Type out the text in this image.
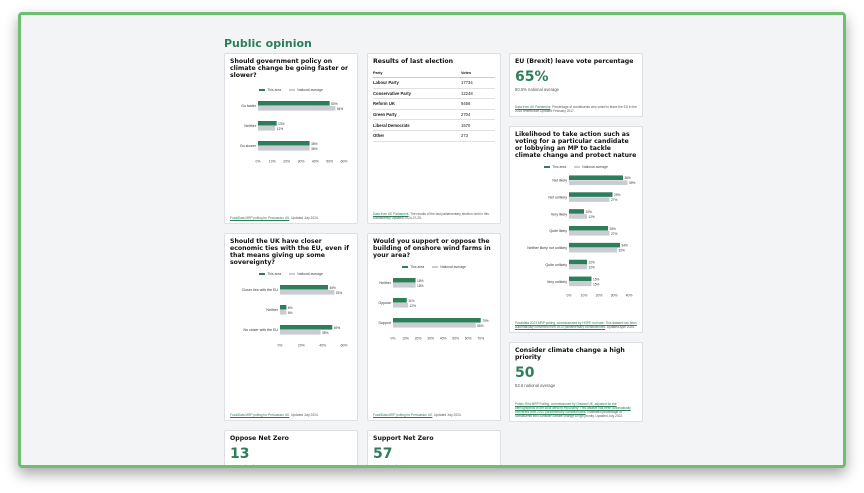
Public opinion
Should government policy on climate change be going faster or slower?
This area	National average
Go faster
50%
54%
Neither
13%
12%
Go slower
36%
36%
0% 10% 20% 30% 40% 50% 60%
FocalData MRP polling for Persuasion UK. Updated July 2024.
Results of last election
Party	Votes
Labour Party	17734
Conservative Party	12248
Reform UK	9456
Green Party	2704
Liberal Democrats	1570
Other	273
Data from UK Parliament. The results of the last parliamentary election held in this constituency Updated 2024-07-25.
EU (Brexit) leave vote percentage
65%
50.5% national average
Data from UK Parliament. Percentage of constituents who voted to leave the EU in the 2016 referendum Updated February 2017.
Likelihood to take action such as voting for a particular candidate or lobbying an MP to tackle climate change and protect nature
This area	National average
Net likely
36%
39%
Net unlikely
29%
27%
Very likely
10%
12%
Quite likely
26%
27%
Neither likely nor unlikely
34%
32%
Quite unlikely
12%
12%
Very unlikely
15%
15%
0%	10% 20% 30% 40%
Focaldata 2023 MRP polling, commissioned by HOPE not hate. This dataset has been automatically converted from 2010 parliamentary constituencies. Updated April 2024.
Should the UK have closer economic ties with the EU, even if that means giving up some sovereignty?
This area	National average
Closer ties with the EU
45%
51%
Neither
6%
6%
No closer with the EU
49%
38%
0%	20%	40%	60%
FocalData MRP polling for Persuasion UK. Updated July 2024.
Would you support or oppose the building of onshore wind farms in your area?
This area	National average
Neither
18%
18%
Oppose
11%
12%
Support
70%
66%
0% 10% 20% 30% 40% 50% 60% 70%
FocalData MRP polling for Persuasion UK. Updated July 2024.
Consider climate change a high priority
50
53.6 national average
Public First MRP Polling, commissioned by Onward UK, adjusted for the demographics of the local area by mySociety. This dataset has been automatically converted from 2010 parliamentary constituencies. Estimated percentage of constituents who consider climate change a high priority. Updated July 2022.
Oppose Net Zero
13
12.4 national average
Support Net Zero
57
60.4 national average
